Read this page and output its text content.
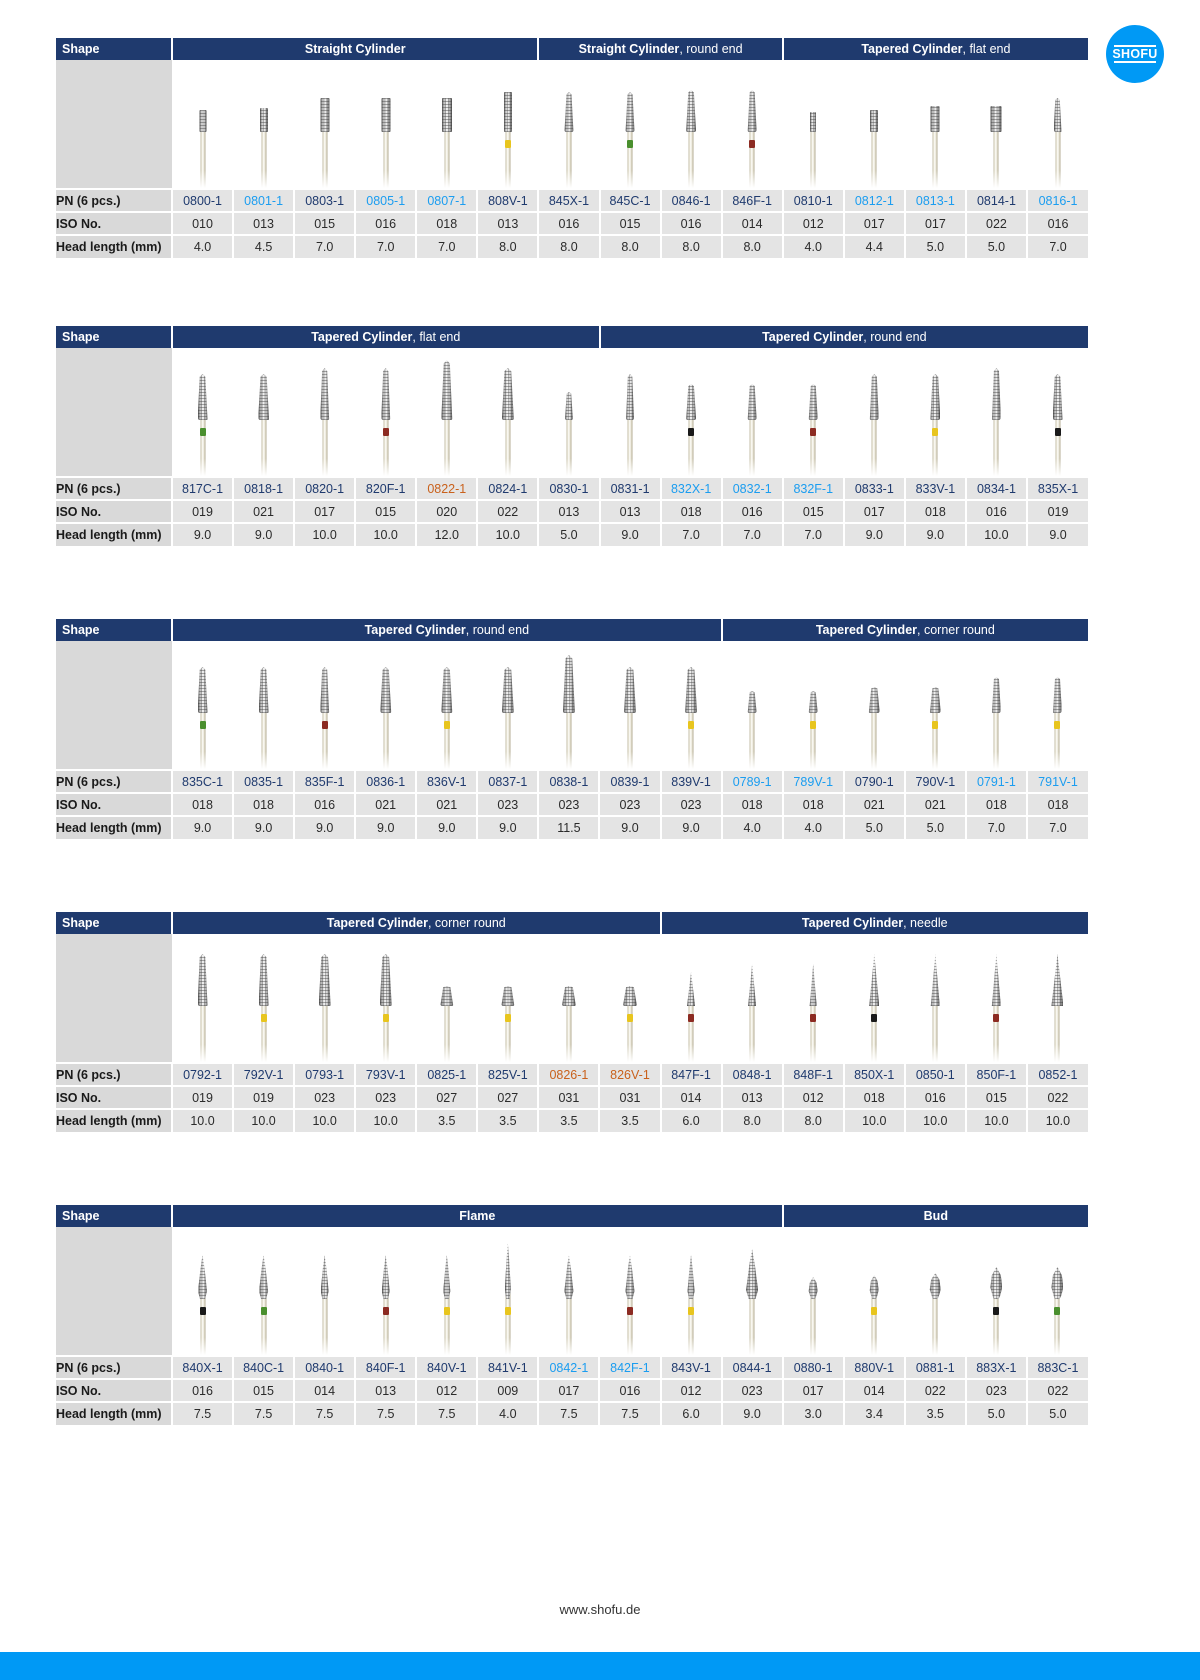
SHOFU
Shape	Straight Cylinder						Straight Cylinder, round end				Tapered Cylinder, flat end				

PN (6 pcs.)	0800-1	0801-1	0803-1	0805-1	0807-1	808V-1	845X-1	845C-1	0846-1	846F-1	0810-1	0812-1	0813-1	0814-1	0816-1
ISO No.	010	013	015	016	018	013	016	015	016	014	012	017	017	022	016
Head length (mm)	4.0	4.5	7.0	7.0	7.0	8.0	8.0	8.0	8.0	8.0	4.0	4.4	5.0	5.0	7.0
Shape	Tapered Cylinder, flat end							Tapered Cylinder, round end							

PN (6 pcs.)	817C-1	0818-1	0820-1	820F-1	0822-1	0824-1	0830-1	0831-1	832X-1	0832-1	832F-1	0833-1	833V-1	0834-1	835X-1
ISO No.	019	021	017	015	020	022	013	013	018	016	015	017	018	016	019
Head length (mm)	9.0	9.0	10.0	10.0	12.0	10.0	5.0	9.0	7.0	7.0	7.0	9.0	9.0	10.0	9.0
Shape	Tapered Cylinder, round end									Tapered Cylinder, corner round					

PN (6 pcs.)	835C-1	0835-1	835F-1	0836-1	836V-1	0837-1	0838-1	0839-1	839V-1	0789-1	789V-1	0790-1	790V-1	0791-1	791V-1
ISO No.	018	018	016	021	021	023	023	023	023	018	018	021	021	018	018
Head length (mm)	9.0	9.0	9.0	9.0	9.0	9.0	11.5	9.0	9.0	4.0	4.0	5.0	5.0	7.0	7.0
Shape	Tapered Cylinder, corner round								Tapered Cylinder, needle						

PN (6 pcs.)	0792-1	792V-1	0793-1	793V-1	0825-1	825V-1	0826-1	826V-1	847F-1	0848-1	848F-1	850X-1	0850-1	850F-1	0852-1
ISO No.	019	019	023	023	027	027	031	031	014	013	012	018	016	015	022
Head length (mm)	10.0	10.0	10.0	10.0	3.5	3.5	3.5	3.5	6.0	8.0	8.0	10.0	10.0	10.0	10.0
Shape	Flame										Bud				

PN (6 pcs.)	840X-1	840C-1	0840-1	840F-1	840V-1	841V-1	0842-1	842F-1	843V-1	0844-1	0880-1	880V-1	0881-1	883X-1	883C-1
ISO No.	016	015	014	013	012	009	017	016	012	023	017	014	022	023	022
Head length (mm)	7.5	7.5	7.5	7.5	7.5	4.0	7.5	7.5	6.0	9.0	3.0	3.4	3.5	5.0	5.0
www.shofu.de
